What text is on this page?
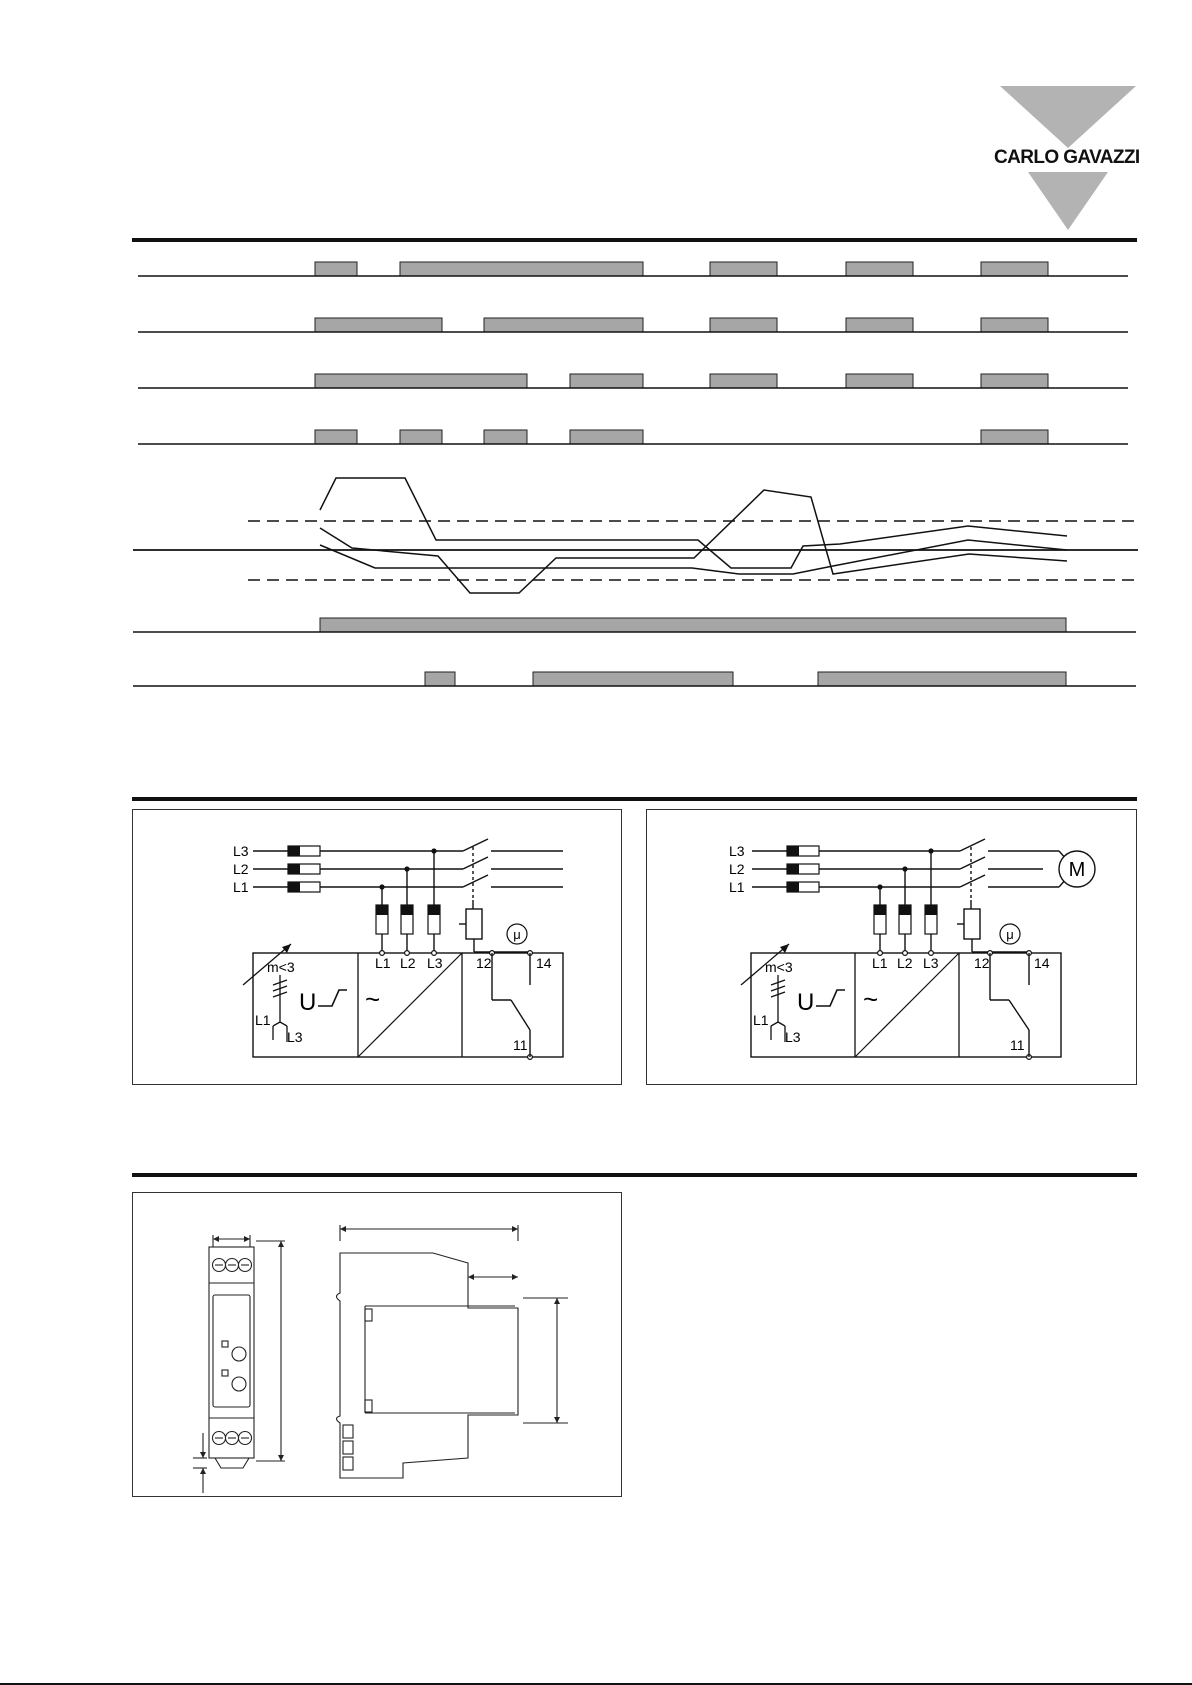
CARLO GAVAZZI
L3
L2
L1
μ
L1 L2 L3 12	14
11
m<3
L1
L3
U ~
M
L3
L2
L1
μ
L1 L2 L3	12	14
11
m<3
L1
L3
U ~
